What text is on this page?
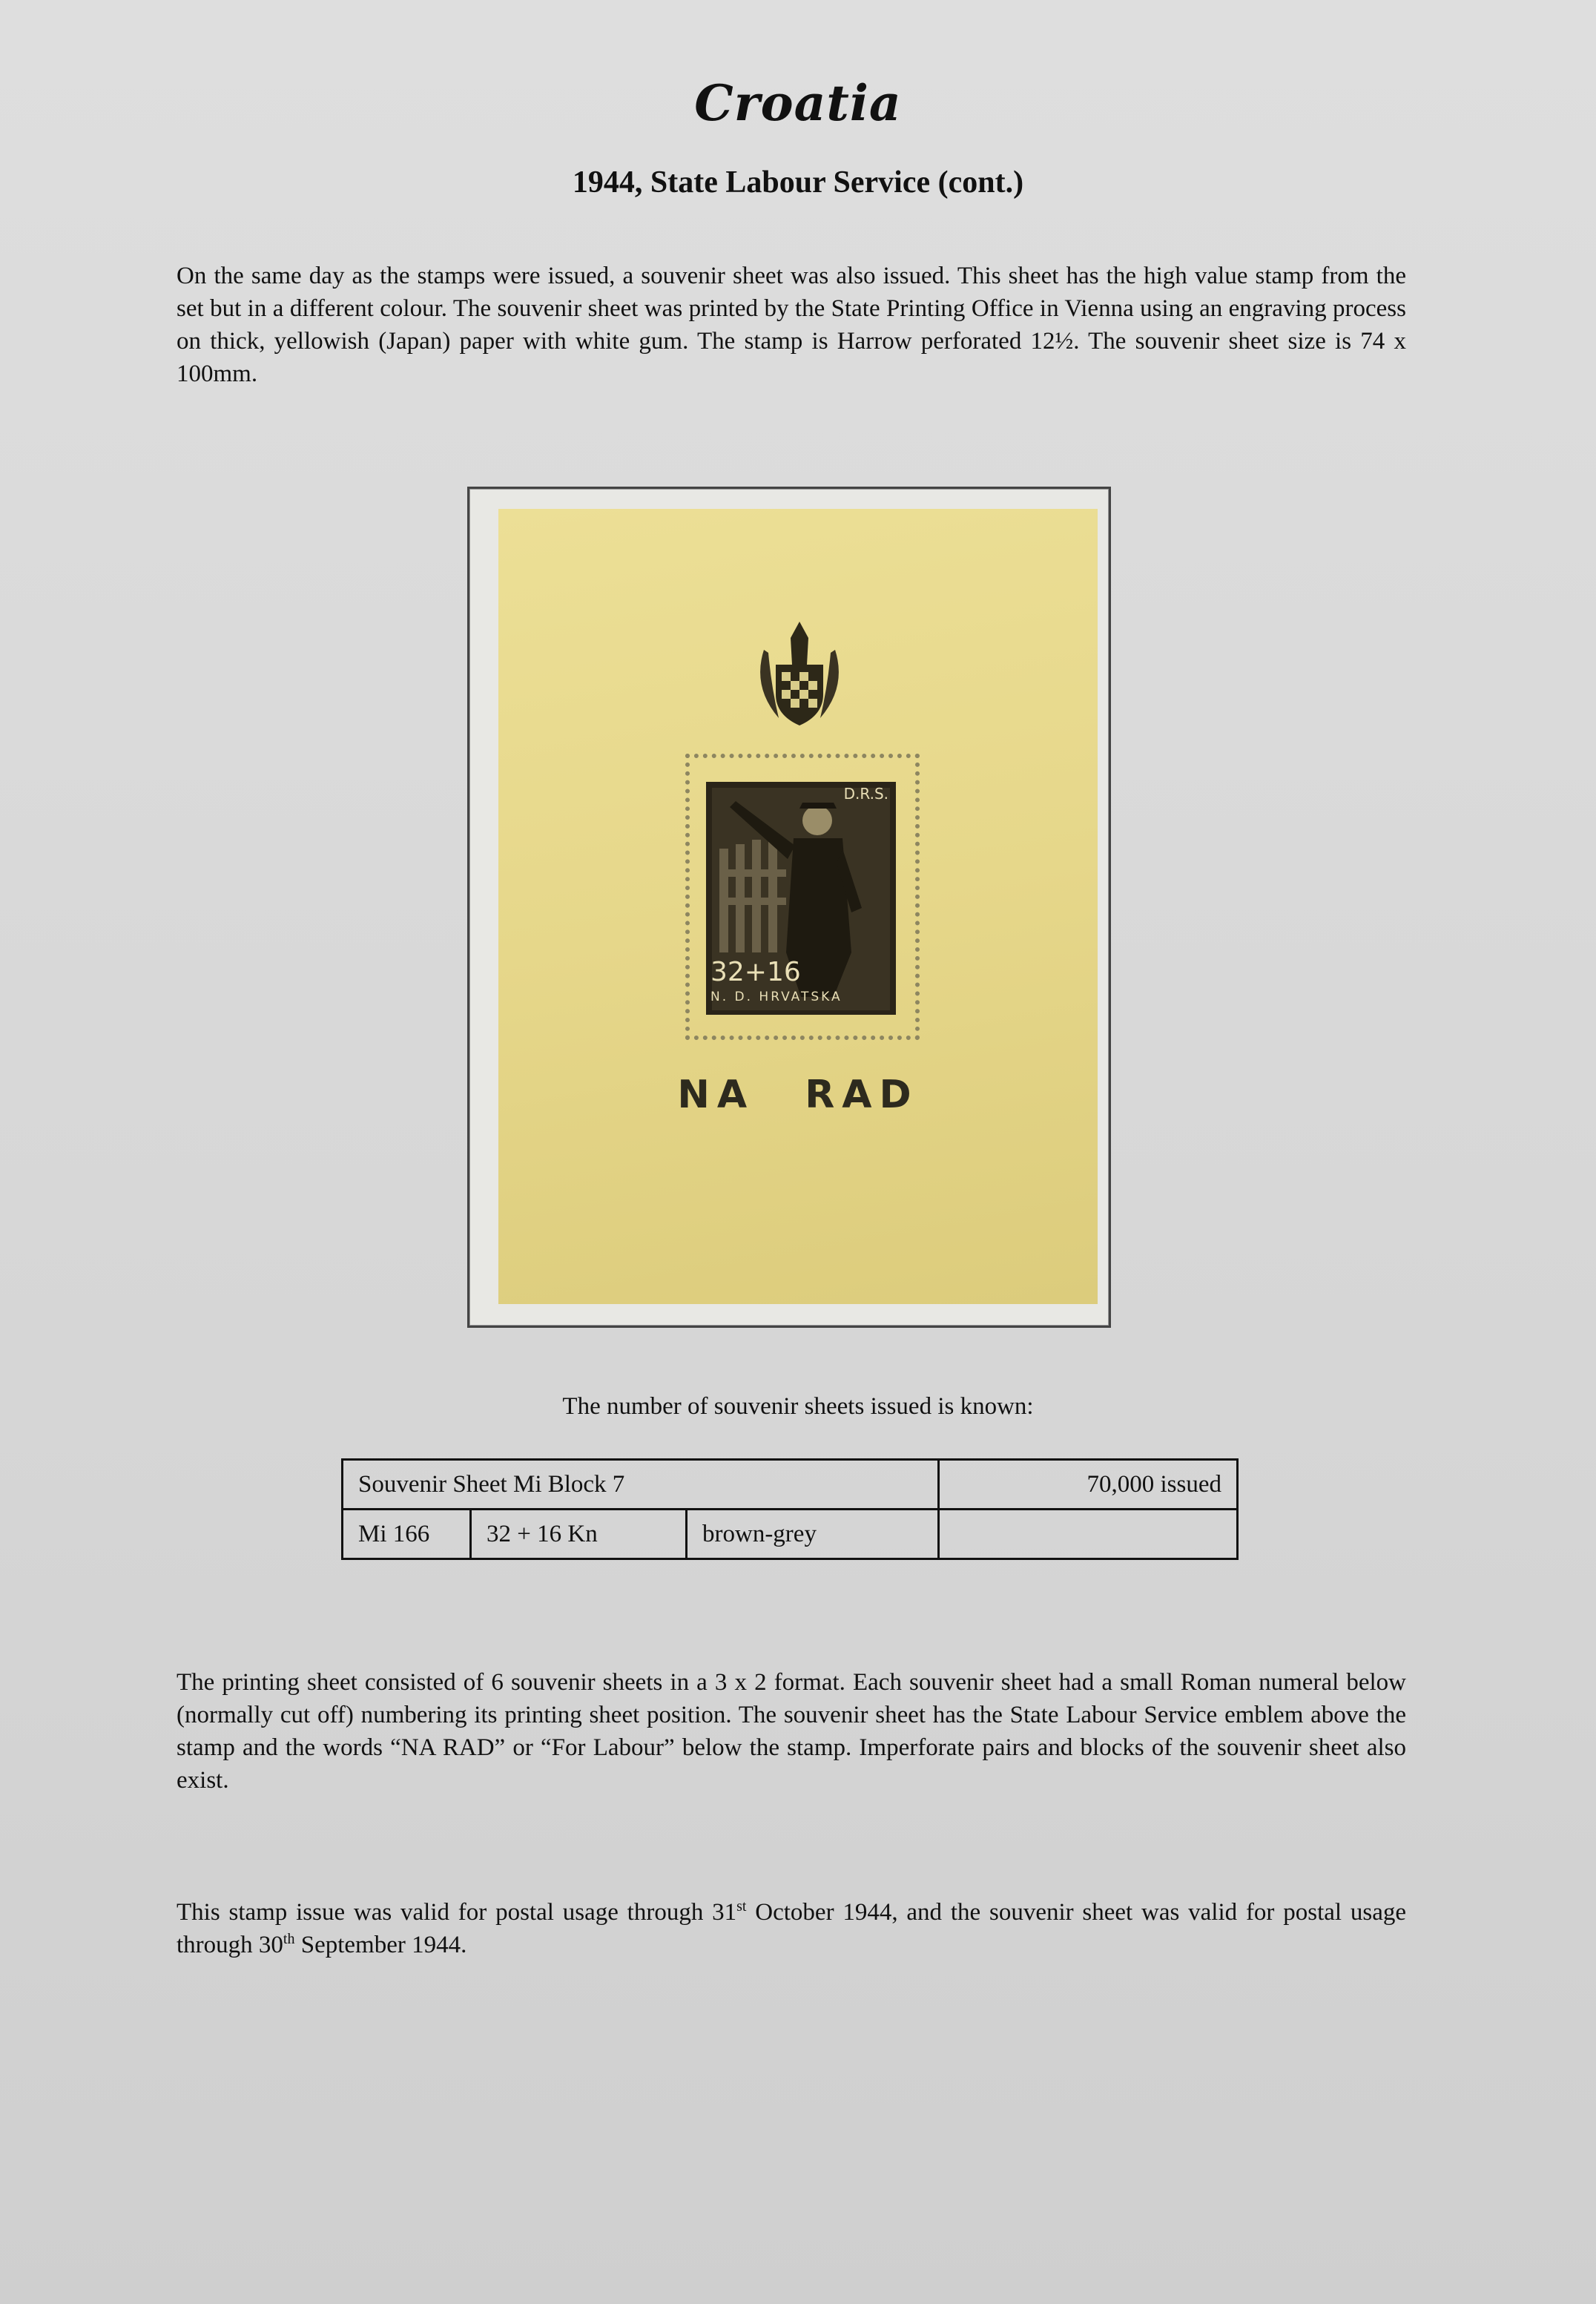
Croatia
1944, State Labour Service (cont.)
On the same day as the stamps were issued, a souvenir sheet was also issued. This sheet has the high value stamp from the set but in a different colour. The souvenir sheet was printed by the State Printing Office in Vienna using an engraving process on thick, yellowish (Japan) paper with white gum. The stamp is Harrow perforated 12½. The souvenir sheet size is 74 x 100mm.
D.R.S.
32+16
N. D. HRVATSKA
NA RAD
The number of souvenir sheets issued is known:
Souvenir Sheet Mi Block 7			70,000 issued
Mi 166	32 + 16 Kn	brown-grey	
The printing sheet consisted of 6 souvenir sheets in a 3 x 2 format. Each souvenir sheet had a small Roman numeral below (normally cut off) numbering its printing sheet position. The souvenir sheet has the State Labour Service emblem above the stamp and the words “NA RAD” or “For Labour” below the stamp. Imperforate pairs and blocks of the souvenir sheet also exist.
This stamp issue was valid for postal usage through 31st October 1944, and the souvenir sheet was valid for postal usage through 30th September 1944.
